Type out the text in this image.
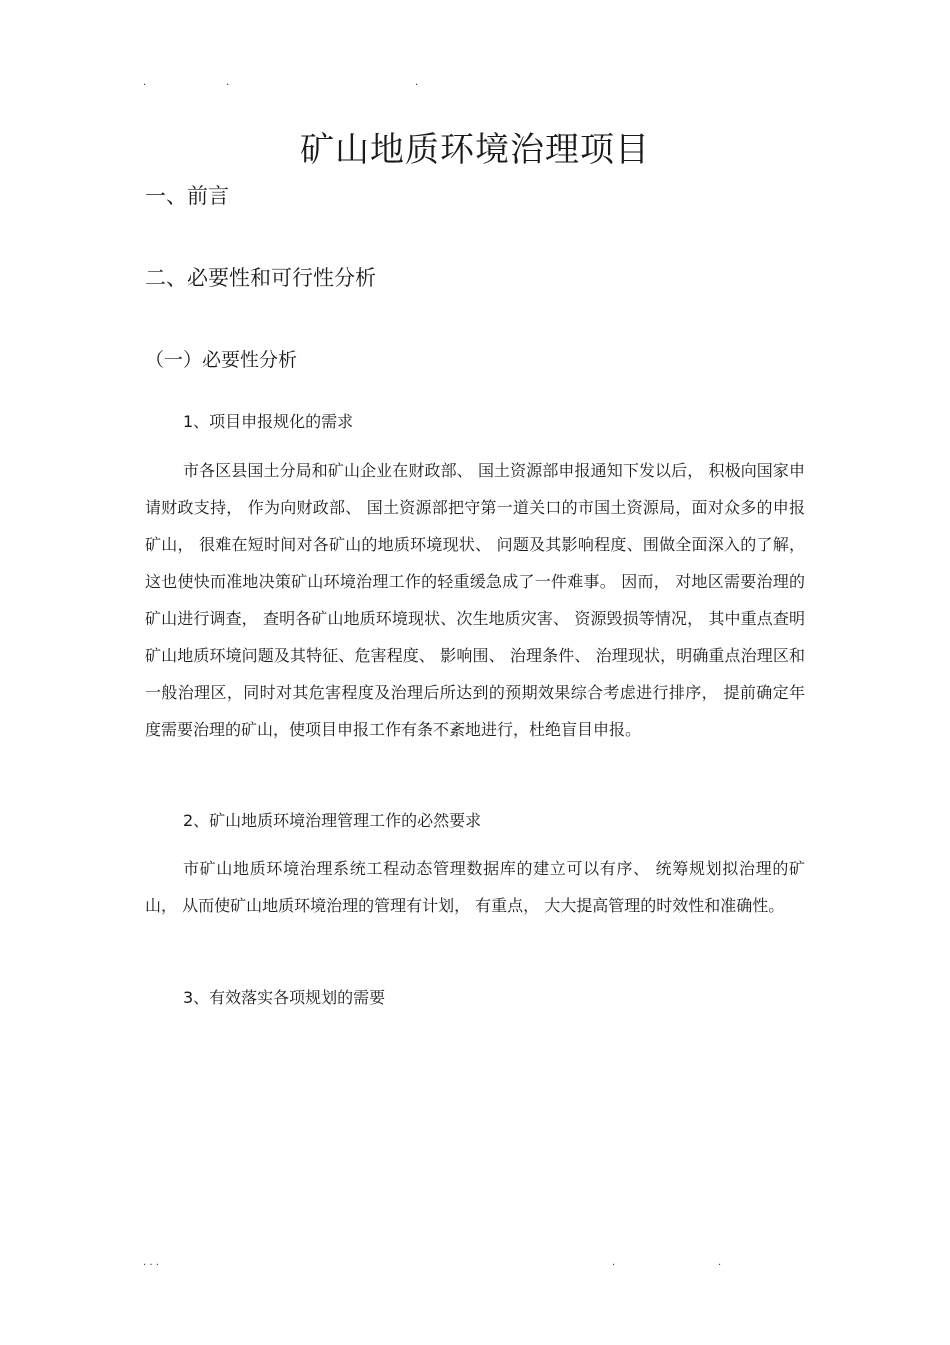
.	.	.
矿山地质环境治理项目
一、前言
二、必要性和可行性分析
（一）必要性分析
1、项目申报规化的需求

市各区县国土分局和矿山企业在财政部、 国土资源部申报通知下发以后， 积极向国家申请财政支持， 作为向财政部、 国土资源部把守第一道关口的市国土资源局，面对众多的申报矿山， 很难在短时间对各矿山的地质环境现状、 问题及其影响程度、围做全面深入的了解， 这也使快而准地决策矿山环境治理工作的轻重缓急成了一件难事。 因而， 对地区需要治理的矿山进行调查， 查明各矿山地质环境现状、次生地质灾害、 资源毁损等情况， 其中重点查明矿山地质环境问题及其特征、危害程度、 影响围、 治理条件、 治理现状，明确重点治理区和一般治理区，同时对其危害程度及治理后所达到的预期效果综合考虑进行排序， 提前确定年度需要治理的矿山，使项目申报工作有条不紊地进行，杜绝盲目申报。

2、矿山地质环境治理管理工作的必然要求

市矿山地质环境治理系统工程动态管理数据库的建立可以有序、 统筹规划拟治理的矿山， 从而使矿山地质环境治理的管理有计划， 有重点， 大大提高管理的时效性和准确性。

3、有效落实各项规划的需要
. . .	.	.
